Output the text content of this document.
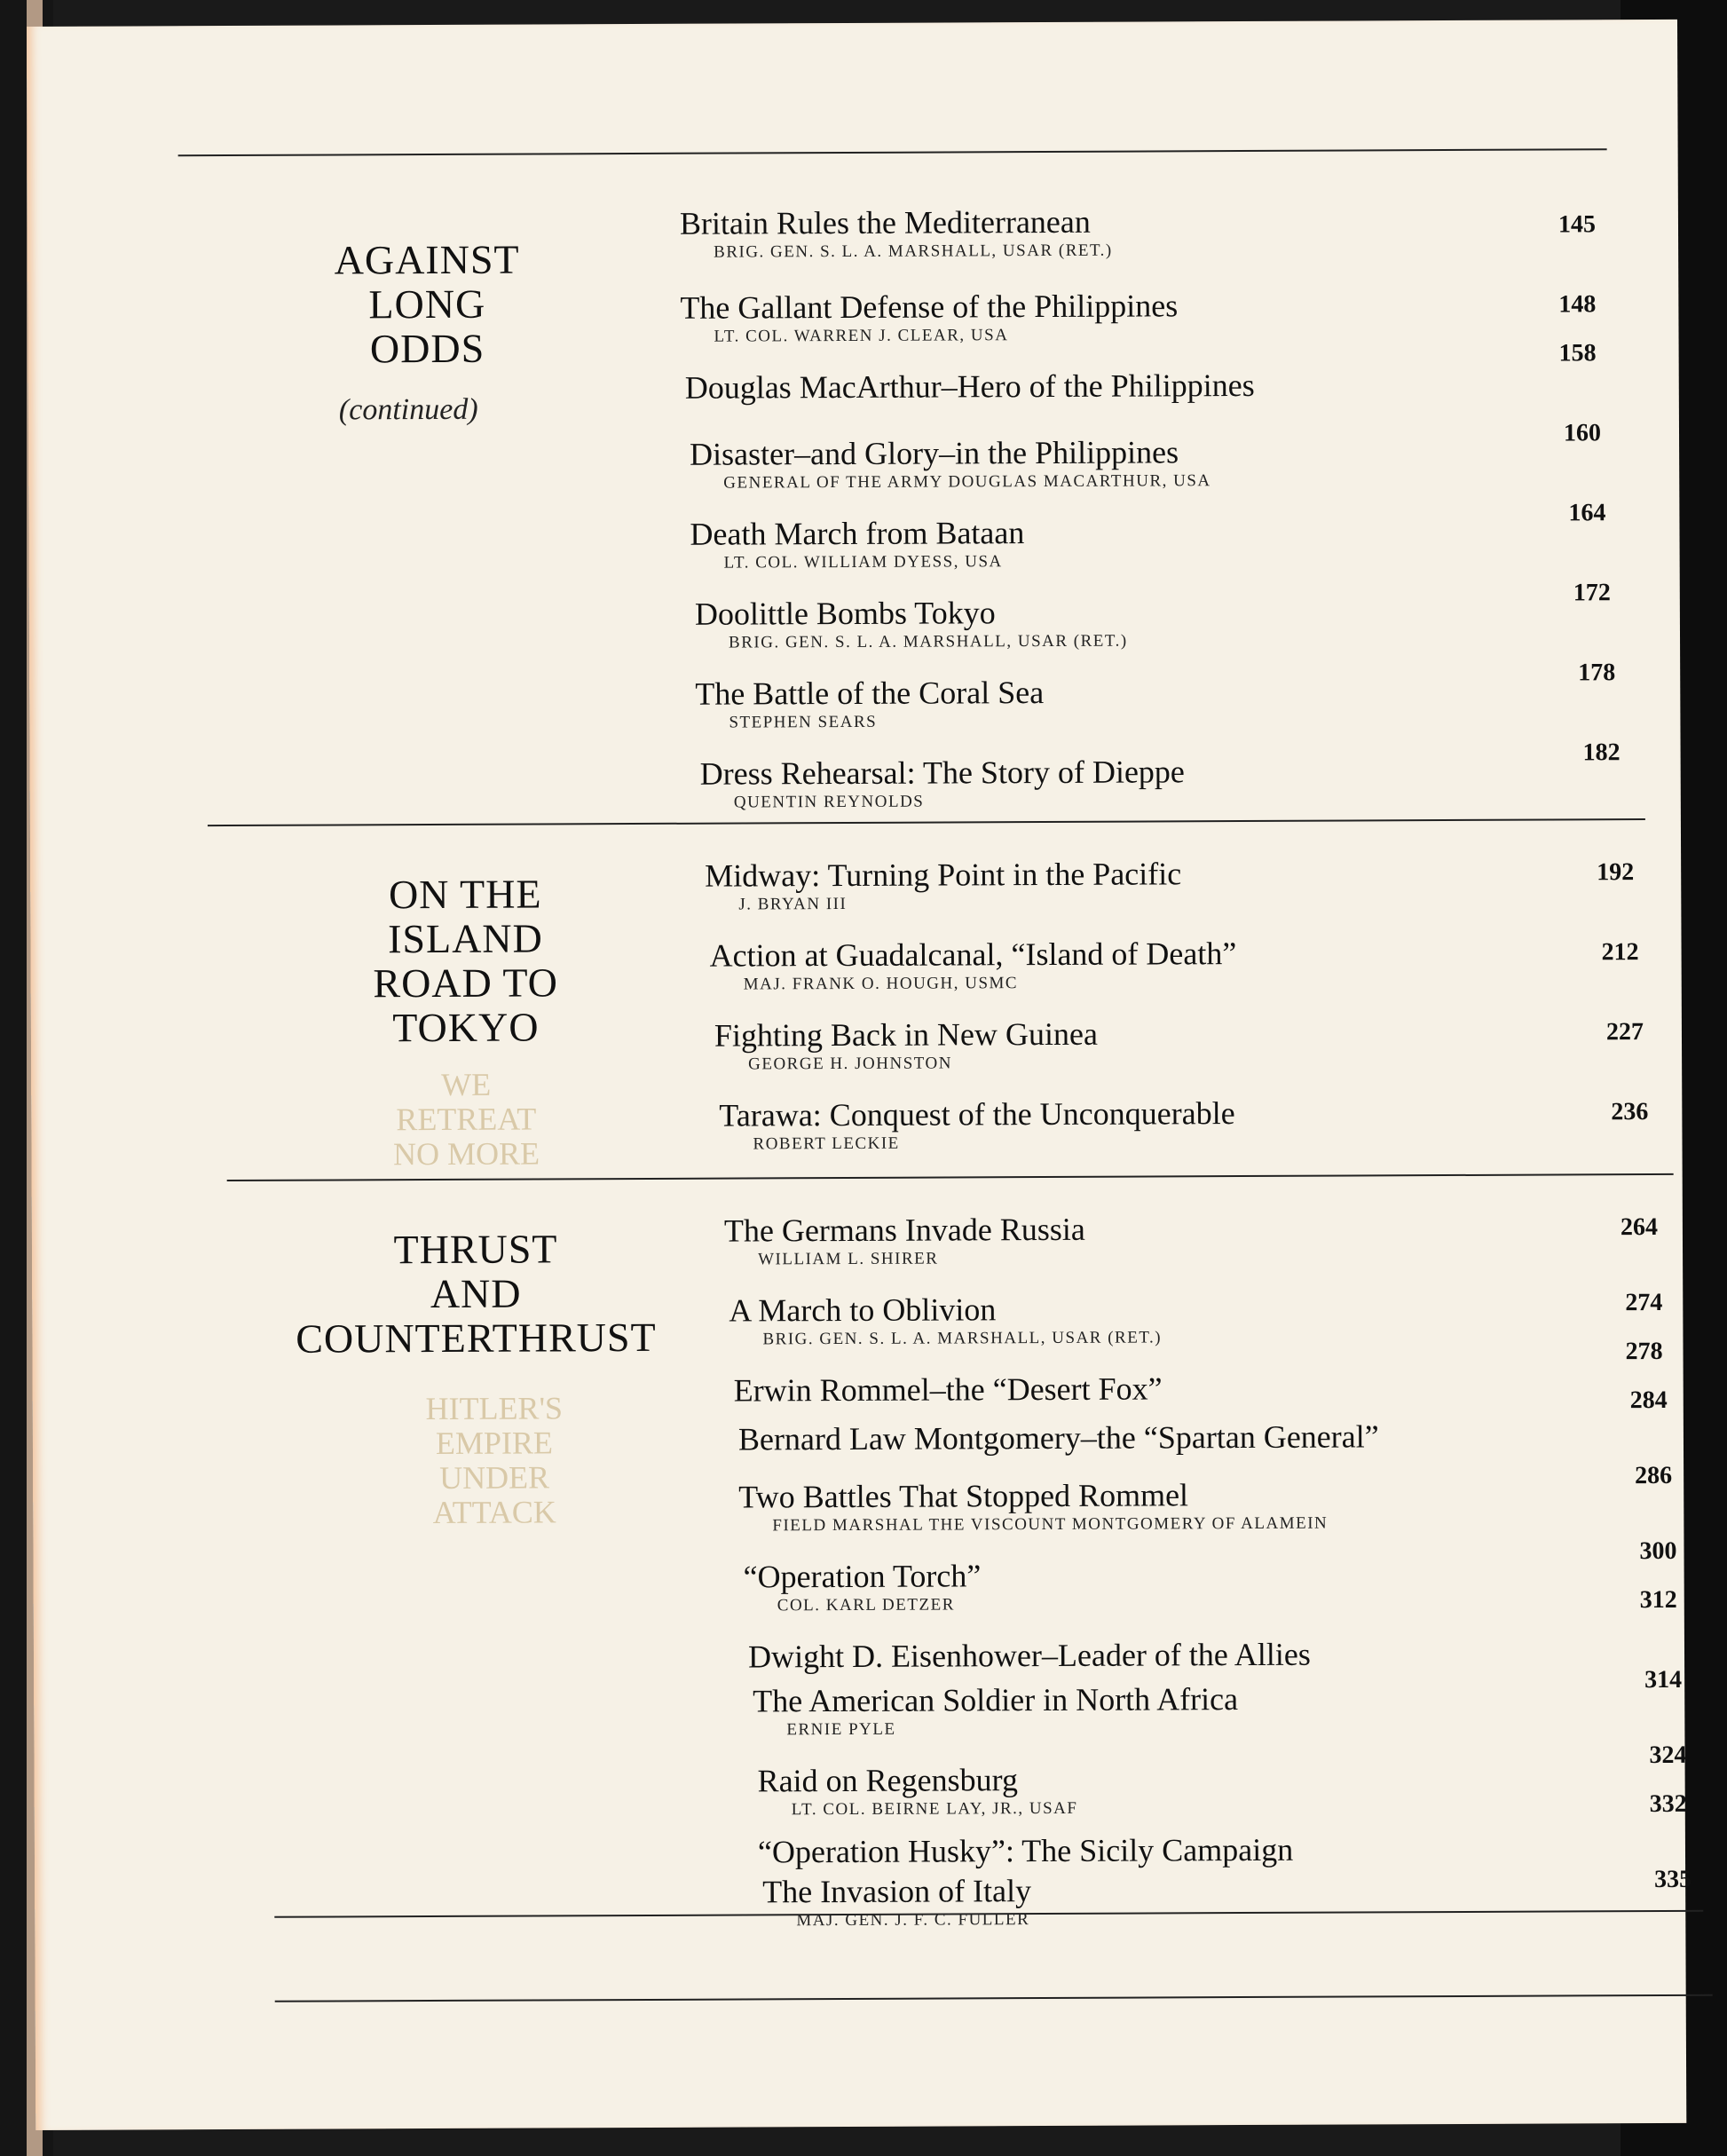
AGAINST
LONG
ODDS
(continued)
Britain Rules the Mediterranean
BRIG. GEN. S. L. A. MARSHALL, USAR (RET.)
145
The Gallant Defense of the Philippines
LT. COL. WARREN J. CLEAR, USA
148
Douglas MacArthur–Hero of the Philippines
158
Disaster–and Glory–in the Philippines
GENERAL OF THE ARMY DOUGLAS MACARTHUR, USA
160
Death March from Bataan
LT. COL. WILLIAM DYESS, USA
164
Doolittle Bombs Tokyo
BRIG. GEN. S. L. A. MARSHALL, USAR (RET.)
172
The Battle of the Coral Sea
STEPHEN SEARS
178
Dress Rehearsal: The Story of Dieppe
QUENTIN REYNOLDS
182
ON THE
ISLAND
ROAD TO
TOKYO
WE
RETREAT
NO MORE
Midway: Turning Point in the Pacific
J. BRYAN III
192
Action at Guadalcanal, “Island of Death”
MAJ. FRANK O. HOUGH, USMC
212
Fighting Back in New Guinea
GEORGE H. JOHNSTON
227
Tarawa: Conquest of the Unconquerable
ROBERT LECKIE
236
THRUST
AND
COUNTERTHRUST
HITLER'S
EMPIRE
UNDER
ATTACK
The Germans Invade Russia
WILLIAM L. SHIRER
264
A March to Oblivion
BRIG. GEN. S. L. A. MARSHALL, USAR (RET.)
274
Erwin Rommel–the “Desert Fox”
278
Bernard Law Montgomery–the “Spartan General”
284
Two Battles That Stopped Rommel
FIELD MARSHAL THE VISCOUNT MONTGOMERY OF ALAMEIN
286
“Operation Torch”
COL. KARL DETZER
300
Dwight D. Eisenhower–Leader of the Allies
312
The American Soldier in North Africa
ERNIE PYLE
314
Raid on Regensburg
LT. COL. BEIRNE LAY, JR., USAF
324
“Operation Husky”: The Sicily Campaign
332
The Invasion of Italy
MAJ. GEN. J. F. C. FULLER
335
